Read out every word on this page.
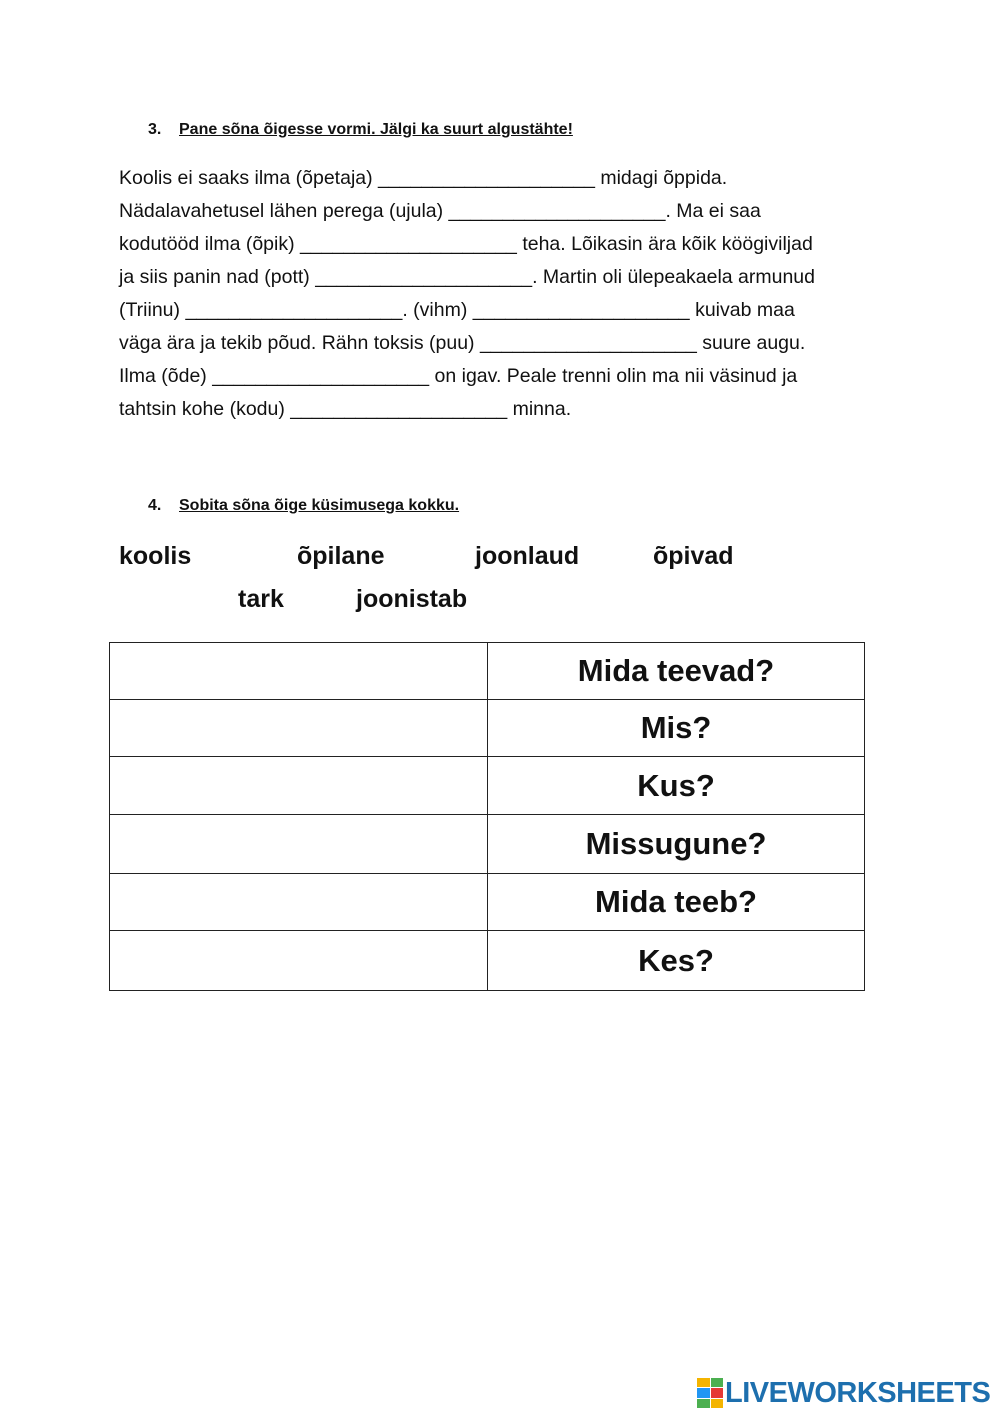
3. Pane sõna õigesse vormi. Jälgi ka suurt algustähte!
Koolis ei saaks ilma (õpetaja) ____________________ midagi õppida.
Nädalavahetusel lähen perega (ujula) ____________________. Ma ei saa
kodutööd ilma (õpik) ____________________ teha. Lõikasin ära kõik köögiviljad
ja siis panin nad (pott) ____________________. Martin oli ülepeakaela armunud
(Triinu) ____________________. (vihm) ____________________ kuivab maa
väga ära ja tekib põud. Rähn toksis (puu) ____________________ suure augu.
Ilma (õde) ____________________ on igav. Peale trenni olin ma nii väsinud ja
tahtsin kohe (kodu) ____________________ minna.
4. Sobita sõna õige küsimusega kokku.
koolis	õpilane	joonlaud	õpivad
tark	joonistab
	Mida teevad?
	Mis?
	Kus?
	Missugune?
	Mida teeb?
	Kes?
LIVEWORKSHEETS
